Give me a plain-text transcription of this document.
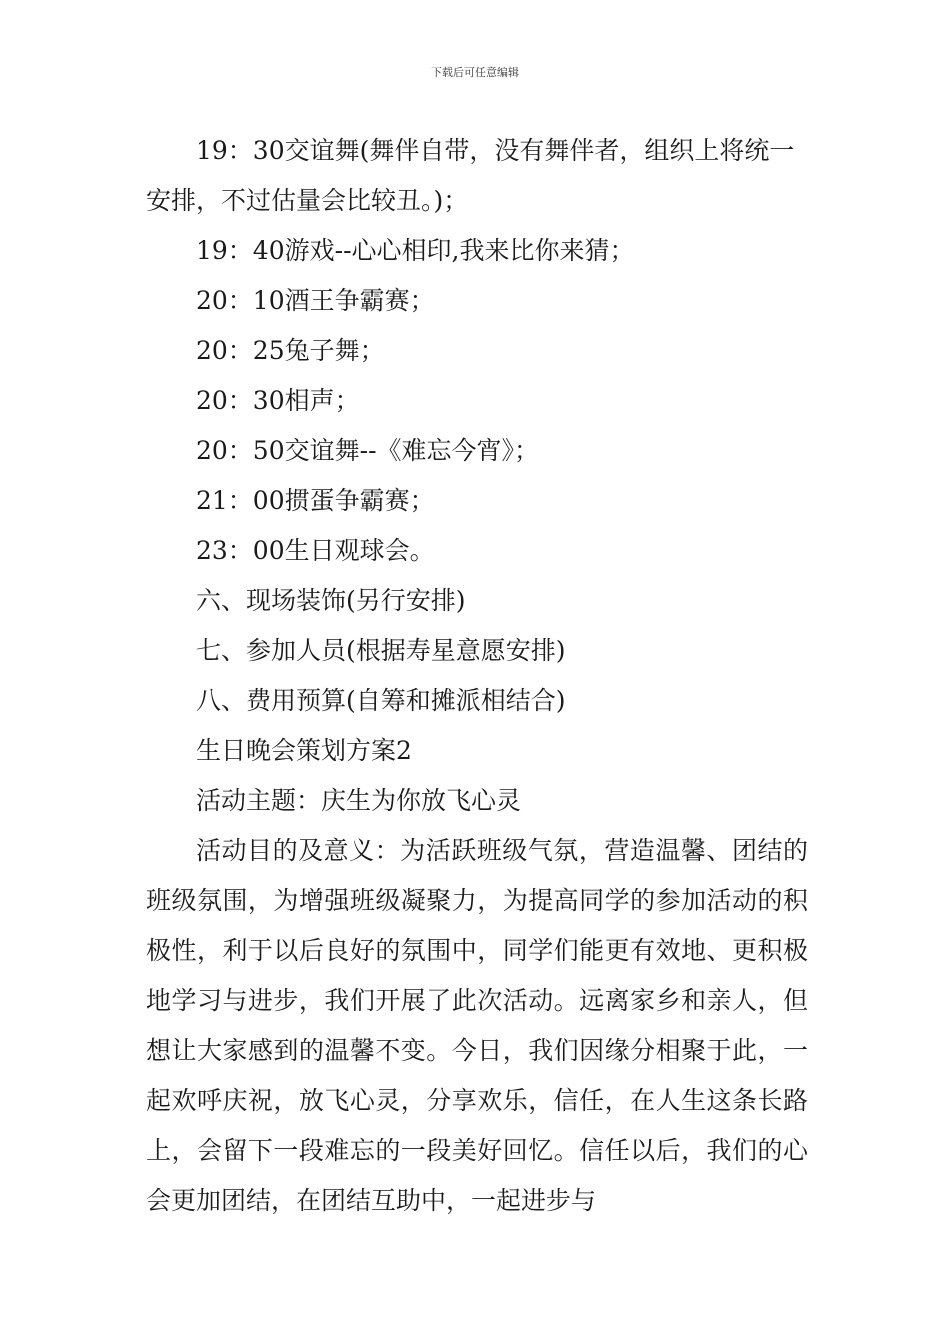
下载后可任意编辑

19：30交谊舞(舞伴自带，没有舞伴者，组织上将统一安排，不过估量会比较丑。)；

19：40游戏--心心相印,我来比你来猜；
20：10酒王争霸赛；
20：25兔子舞；
20：30相声；
20：50交谊舞--《难忘今宵》；
21：00掼蛋争霸赛；
23：00生日观球会。
六、现场装饰(另行安排)
七、参加人员(根据寿星意愿安排)
八、费用预算(自筹和摊派相结合)
生日晚会策划方案2
活动主题：庆生为你放飞心灵

活动目的及意义：为活跃班级气氛，营造温馨、团结的班级氛围，为增强班级凝聚力，为提高同学的参加活动的积极性，利于以后良好的氛围中，同学们能更有效地、更积极地学习与进步，我们开展了此次活动。远离家乡和亲人，但想让大家感到的温馨不变。今日，我们因缘分相聚于此，一起欢呼庆祝，放飞心灵，分享欢乐，信任，在人生这条长路上，会留下一段难忘的一段美好回忆。信任以后，我们的心会更加团结，在团结互助中，一起进步与
